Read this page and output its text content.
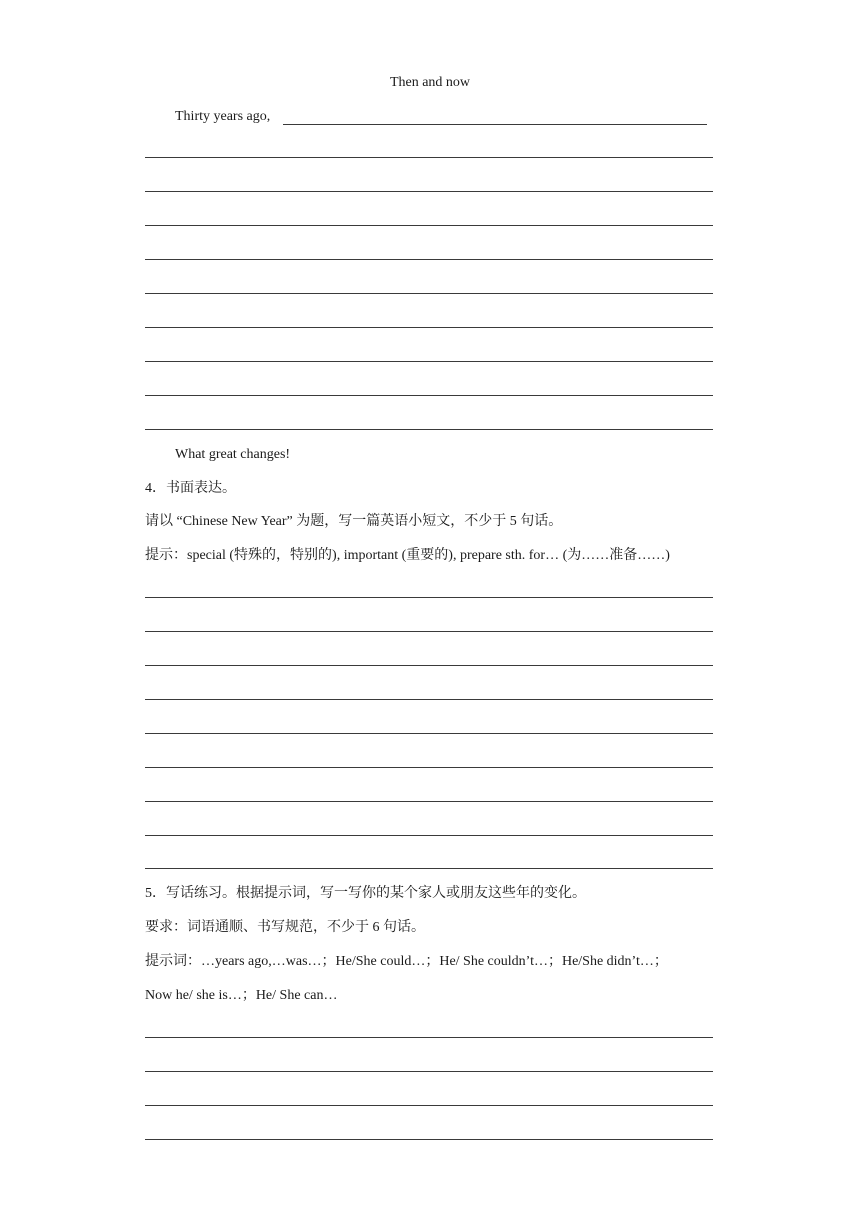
Then and now
Thirty years ago,
What great changes!
4．书面表达。
请以 “Chinese New Year” 为题，写一篇英语小短文，不少于 5 句话。
提示：special (特殊的，特别的), important (重要的), prepare sth. for… (为……准备……)
5．写话练习。根据提示词，写一写你的某个家人或朋友这些年的变化。
要求：词语通顺、书写规范，不少于 6 句话。
提示词：…years ago,…was…；He/She could…；He/ She couldn’t…；He/She didn’t…；
Now he/ she is…；He/ She can…
